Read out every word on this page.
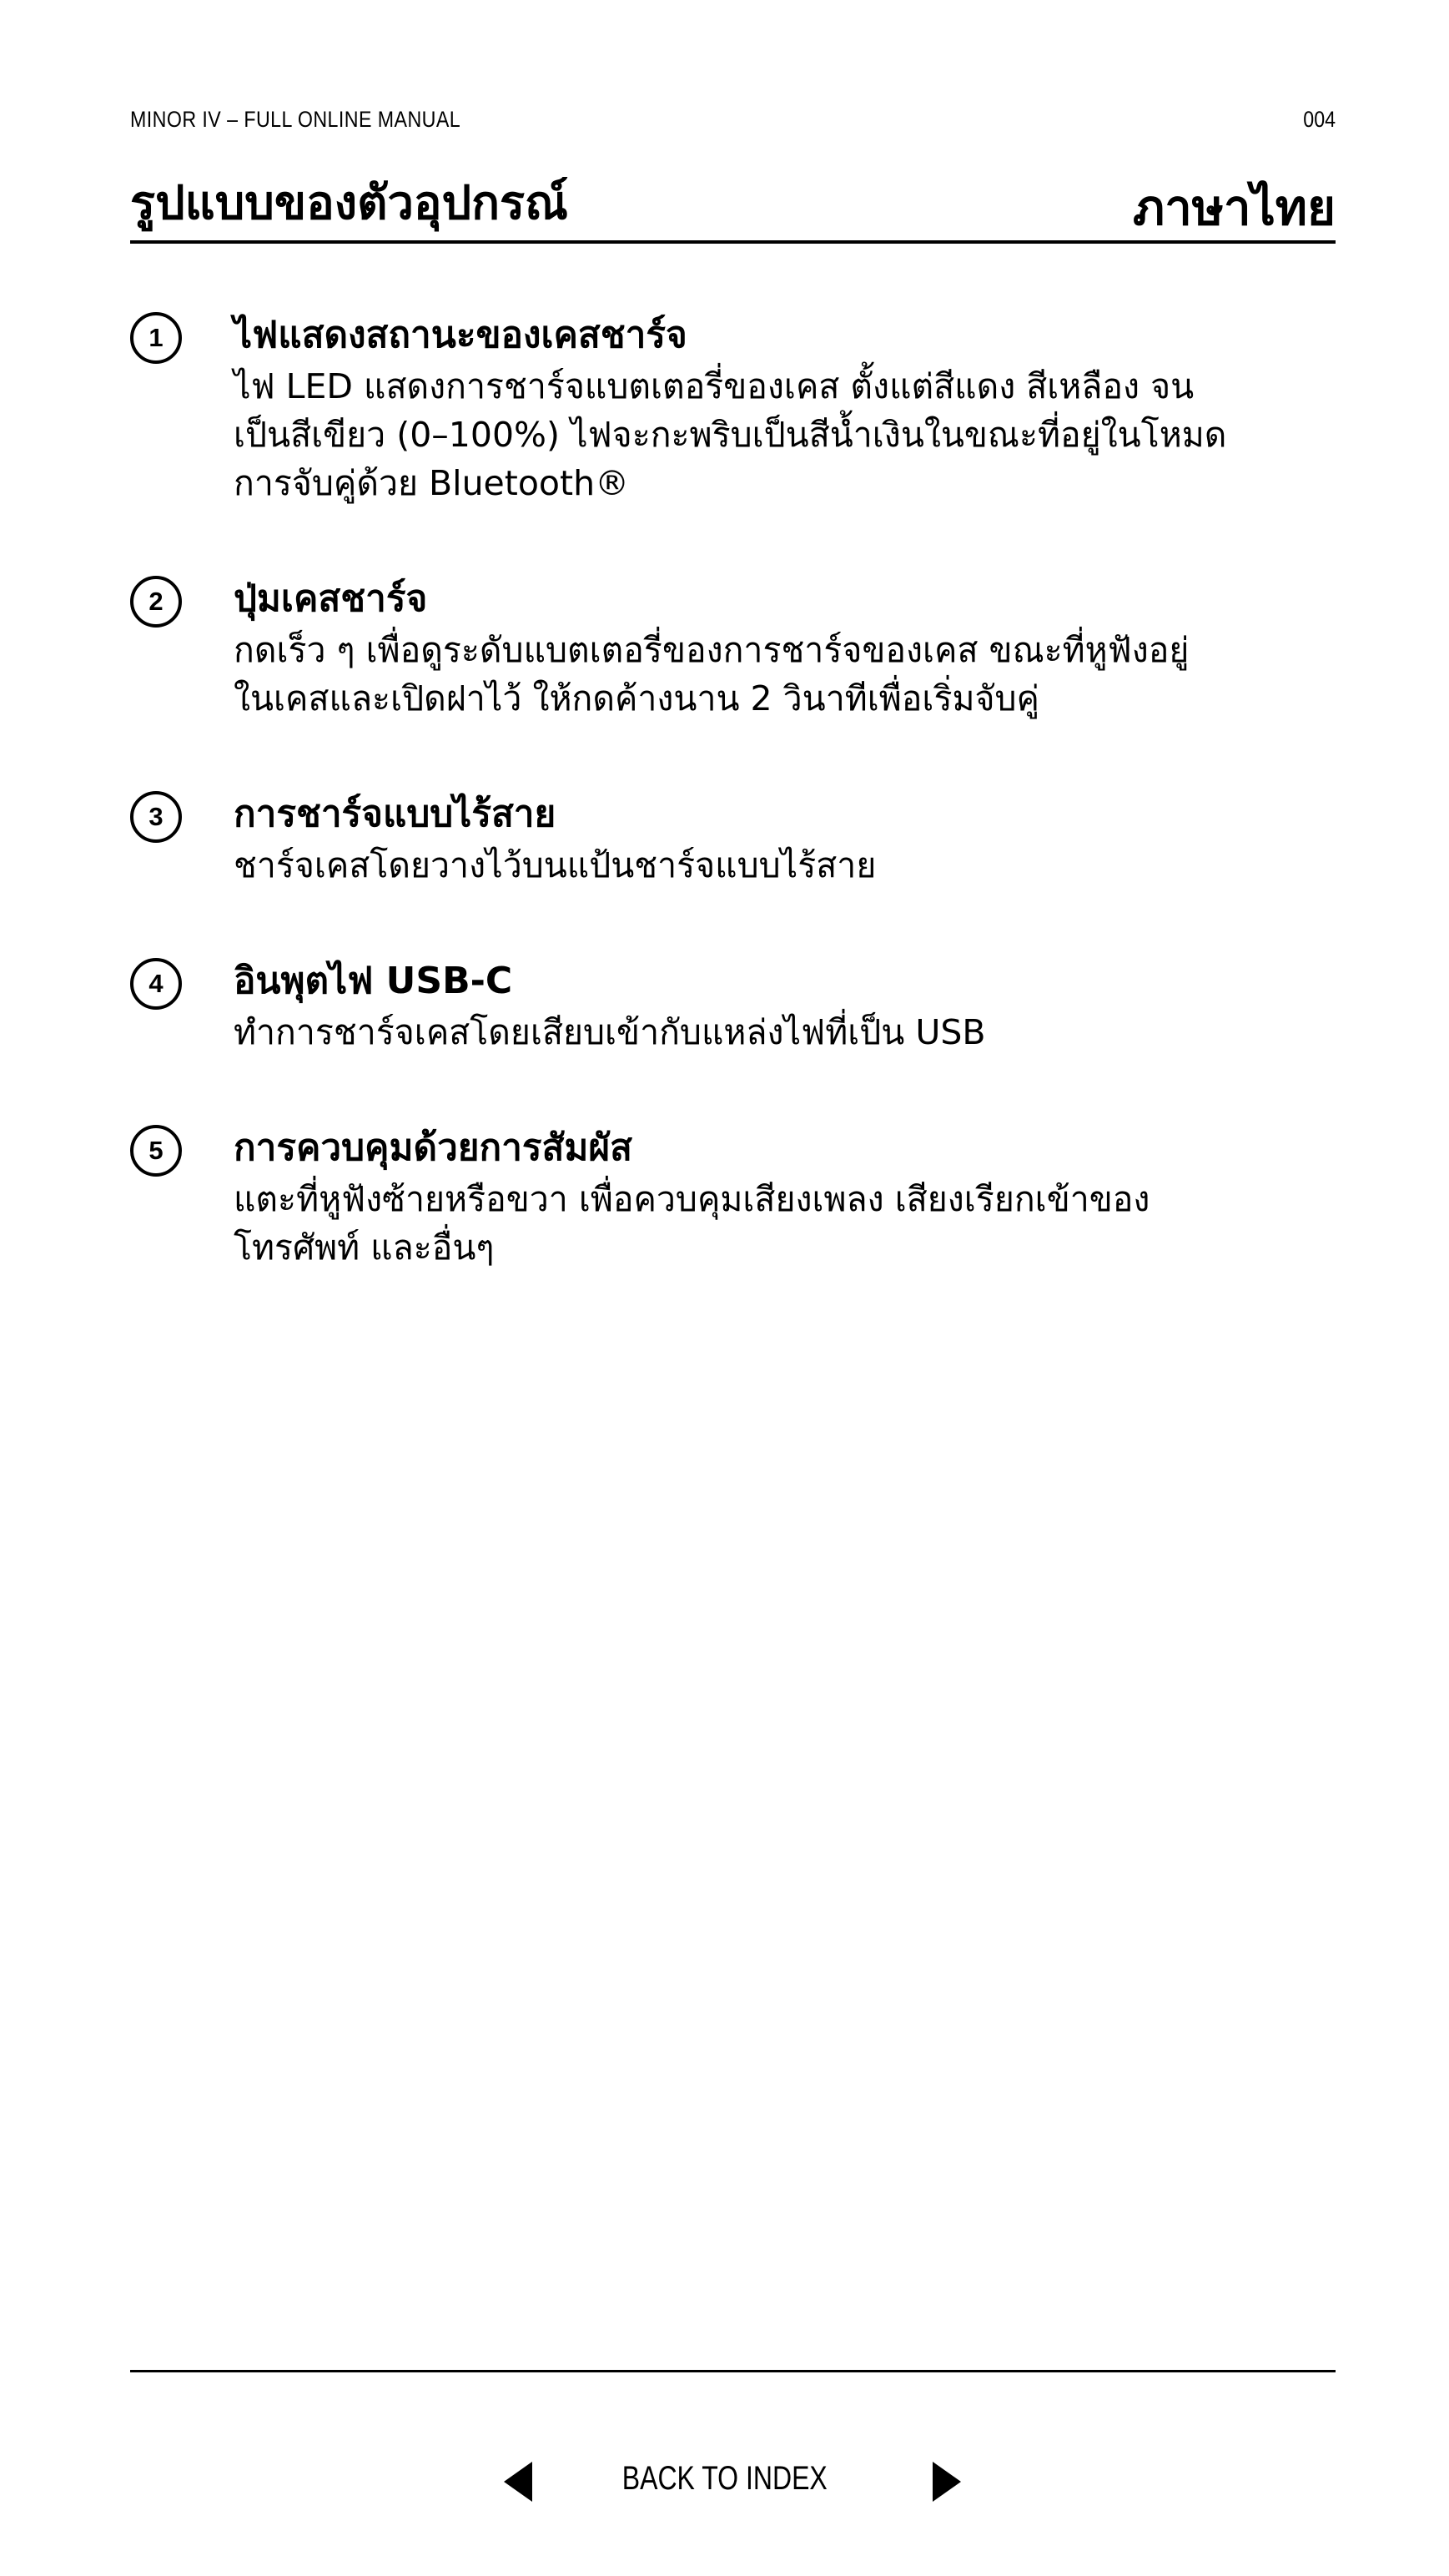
MINOR IV – FULL ONLINE MANUAL	004
รูปแบบของตัวอุปกรณ์	ภาษาไทย
1	ไฟแสดงสถานะของเคสชาร์จ
ไฟ LED แสดงการชาร์จแบตเตอรี่ของเคส ตั้งแต่สีแดง สีเหลือง จน
เป็นสีเขียว (0–100%) ไฟจะกะพริบเป็นสีน้ำเงินในขณะที่อยู่ในโหมด
การจับคู่ด้วย Bluetooth®
2	ปุ่มเคสชาร์จ
กดเร็ว ๆ เพื่อดูระดับแบตเตอรี่ของการชาร์จของเคส ขณะที่หูฟังอยู่
ในเคสและเปิดฝาไว้ ให้กดค้างนาน 2 วินาทีเพื่อเริ่มจับคู่
3	การชาร์จแบบไร้สาย
ชาร์จเคสโดยวางไว้บนแป้นชาร์จแบบไร้สาย
4	อินพุตไฟ USB-C
ทำการชาร์จเคสโดยเสียบเข้ากับแหล่งไฟที่เป็น USB
5	การควบคุมด้วยการสัมผัส
แตะที่หูฟังซ้ายหรือขวา เพื่อควบคุมเสียงเพลง เสียงเรียกเข้าของ
โทรศัพท์ และอื่นๆ
BACK TO INDEX
